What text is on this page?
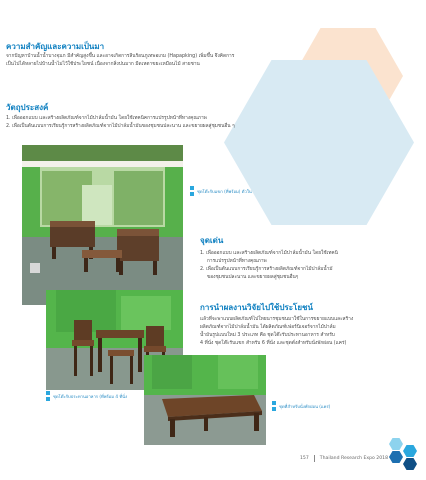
ความสำคัญและความเป็นมา
จากปัญหาบ้านน้ำน้ำบางจุมภ มีสำคัญสูงขึ้น และอาจเกิดการลีนร้อนภูเทพอเกม (Hapapking) เพิ่มขึ้น จึงคิดการ
เป็นไปได้หลายไปบ้านน้ำไม่ไว้ใช้ประโยชน์ เนื่องจากสิ่งปนมาก มีดเหตาขยะเหมือนไม้ สายชาน
วัตถุประสงค์
1. เพื่อออกแบบ และสร้างผลิตภัณฑ์จากไม้ปาล์มน้ำมัน โดยใช้เทคนิคการแปรรูปหน้าที่ทางคุณภาพ
2. เพื่อเป็นต้นแบบการเรียนรู้การสร้างผลิตภัณฑ์จากไม้ปาล์มน้ำมันของชุมชนปละนาน และขยายผลสู่ชุมชนอื่น ๆ
ชุดโต๊ะรับแขก (ที่พร้อม) ตัวใน
จุดเด่น
1. เพื่อออกแบบ และสร้างผลิตภัณฑ์จากไม้ปาล์มน้ำมัน โดยใช้เทคนิ
การแปรรูปหน้าที่ทางคุณภาพ
2. เพื่อเป็นต้นแบบการเรียนรู้การสร้างผลิตภัณฑ์จากไม้ปาล์มน้ำมั
ของชุมชนปละนาน และขยายผลสู่ชุมชนอื่นๆ
การนำผลงานวิจัยไปใช้ประโยชน์
แล้วที่จะพาแบบผลิตภัณฑ์ไปใหยนารชุมชนมาใช้ในการขยายแบบและสร้าง
ผลิตภัณฑ์จากไม้ปาล์มน้ำมัน ได้ผลิตภัณฑ์เฟอร์นิเจอร์จากไม้ปาล์ม
น้ำมันรูปแบบใหม่ 3 ประเภท คือ ชุดโต๊ะรับประทานอาหาร สำหรับ
4 ที่นั่ง ชุดโต๊ะรับแขก สำหรับ 6 ที่นั่ง และชุดตั่งสำหรับนั่งพักผ่อน (แคร่)
ชุดโต๊ะรับประทานอาหาร (ที่พร้อม 4 ที่นั่ง
ชุดที่สำหรับนั่งพักผ่อน (แคร่)
157 Thailand Research Expo 2018
